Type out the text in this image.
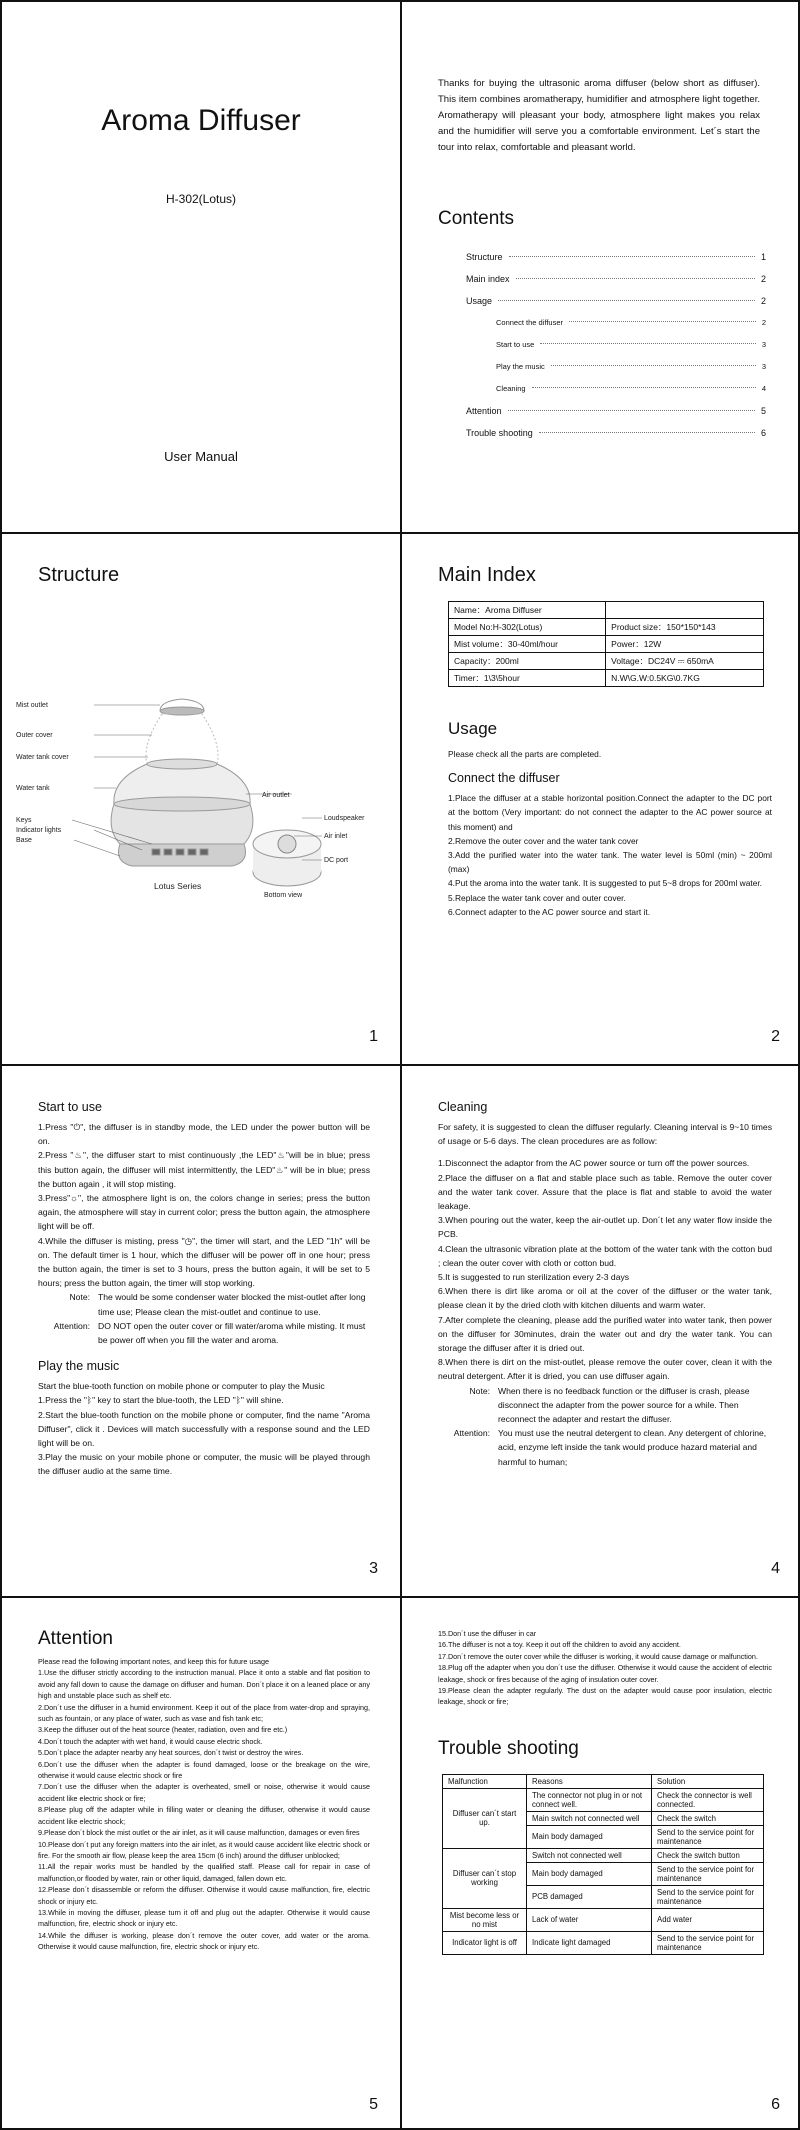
Aroma Diffuser
H-302(Lotus)
User Manual
Thanks for buying the ultrasonic aroma diffuser (below short as diffuser). This item combines aromatherapy, humidifier and atmosphere light together. Aromatherapy will pleasant your body, atmosphere light makes you relax and the humidifier will serve you a comfortable environment. Let´s start the tour into relax, comfortable and pleasant world.
Contents
Structure	1
Main index	2
Usage	2
Connect the diffuser	2
Start to use	3
Play the music	3
Cleaning	4
Attention	5
Trouble shooting	6
Structure
Mist outlet
Outer cover
Water tank cover
Water tank
Keys
Indicator lights
Base
Air outlet
Loudspeaker
Air inlet
DC port
Lotus Series
Bottom view
1
Main Index
Name：Aroma Diffuser	
Model No:H-302(Lotus)	Product size：150*150*143
Mist volume：30-40ml/hour	Power：12W
Capacity：200ml	Voltage：DC24V ⎓ 650mA
Timer：1\3\5hour	N.W\G.W:0.5KG\0.7KG
Usage
Please check all the parts are completed.
Connect the diffuser

1.Place the diffuser at a stable horizontal position.Connect the adapter to the DC port at the bottom (Very important: do not connect the adapter to the AC power source at this moment) and

2.Remove the outer cover and the water tank cover

3.Add the purified water into the water tank. The water level is 50ml (min) ~ 200ml (max)

4.Put the aroma into the water tank. It is suggested to put 5~8 drops for 200ml water.

5.Replace the water tank cover and outer cover.

6.Connect adapter to the AC power source and start it.

2
Start to use

1.Press "⏻", the diffuser is in standby mode, the LED under the power button will be on.

2.Press "♨", the diffuser start to mist continuously ,the LED"♨"will be in blue; press this button again, the diffuser will mist intermittently, the LED"♨" will be in blue; press the button again , it will stop misting.

3.Press"☼", the atmosphere light is on, the colors change in series; press the button again, the atmosphere will stay in current color; press the button again, the atmosphere light will be off.

4.While the diffuser is misting, press "◷", the timer will start, and the LED "1h" will be on. The default timer is 1 hour, which the diffuser will be power off in one hour; press the button again, the timer is set to 3 hours, press the button again, it will be set to 5 hours; press the button again, the timer will stop working.

Note: The would be some condenser water blocked the mist-outlet after long time use; Please clean the mist-outlet and continue to use.
Attention: DO NOT open the outer cover or fill water/aroma while misting. It must be power off when you fill the water and aroma.
Play the music
Start the blue-tooth function on mobile phone or computer to play the Music

1.Press the "ᛒ" key to start the blue-tooth, the LED "ᛒ" will shine.

2.Start the blue-tooth function on the mobile phone or computer, find the name "Aroma Diffuser", click it . Devices will match successfully with a response sound and the LED light will be on.

3.Play the music on your mobile phone or computer, the music will be played through the diffuser audio at the same time.

3
Cleaning
For safety, it is suggested to clean the diffuser regularly. Cleaning interval is 9~10 times of usage or 5-6 days. The clean procedures are as follow:

1.Disconnect the adaptor from the AC power source or turn off the power sources.

2.Place the diffuser on a flat and stable place such as table. Remove the outer cover and the water tank cover. Assure that the place is flat and stable to avoid the water leakage.

3.When pouring out the water, keep the air-outlet up. Don´t let any water flow inside the PCB.

4.Clean the ultrasonic vibration plate at the bottom of the water tank with the cotton bud ; clean the outer cover with cloth or cotton bud.

5.It is suggested to run sterilization every 2-3 days

6.When there is dirt like aroma or oil at the cover of the diffuser or the water tank, please clean it by the dried cloth with kitchen diluents and warm water.

7.After complete the cleaning, please add the purified water into water tank, then power on the diffuser for 30minutes, drain the water out and dry the water tank. You can storage the diffuser after it is dried out.

8.When there is dirt on the mist-outlet, please remove the outer cover, clean it with the neutral detergent. After it is dried, you can use diffuser again.

Note: When there is no feedback function or the diffuser is crash, please disconnect the adapter from the power source for a while. Then reconnect the adapter and restart the diffuser.
Attention: You must use the neutral detergent to clean. Any detergent of chlorine, acid, enzyme left inside the tank would produce hazard material and harmful to human;
4
Attention
Please read the following important notes, and keep this for future usage

1.Use the diffuser strictly according to the instruction manual. Place it onto a stable and flat position to avoid any fall down to cause the damage on diffuser and human. Don´t place it on a leaned place or any high and unstable place such as shelf etc.

2.Don´t use the diffuser in a humid environment. Keep it out of the place from water-drop and spraying, such as fountain, or any place of water, such as vase and fish tank etc;

3.Keep the diffuser out of the heat source (heater, radiation, oven and fire etc.)

4.Don´t touch the adapter with wet hand, it would cause electric shock.

5.Don´t place the adapter nearby any heat sources, don´t twist or destroy the wires.

6.Don´t use the diffuser when the adapter is found damaged, loose or the breakage on the wire, otherwise it would cause electric shock or fire

7.Don´t use the diffuser when the adapter is overheated, smell or noise, otherwise it would cause accident like electric shock or fire;

8.Please plug off the adapter while in filling water or cleaning the diffuser, otherwise it would cause accident like electric shock;

9.Please don´t block the mist outlet or the air inlet, as it will cause malfunction, damages or even fires

10.Please don´t put any foreign matters into the air inlet, as it would cause accident like electric shock or fire. For the smooth air flow, please keep the area 15cm (6 inch) around the diffuser unblocked;

11.All the repair works must be handled by the qualified staff. Please call for repair in case of malfunction,or flooded by water, rain or other liquid, damaged, fallen down etc.

12.Please don´t disassemble or reform the diffuser. Otherwise it would cause malfunction, fire, electric shock or injury etc.

13.While in moving the diffuser, please turn it off and plug out the adapter. Otherwise it would cause malfunction, fire, electric shock or injury etc.

14.While the diffuser is working, please don´t remove the outer cover, add water or the aroma. Otherwise it would cause malfunction, fire, electric shock or injury etc.

5

15.Don´t use the diffuser in car

16.The diffuser is not a toy. Keep it out off the children to avoid any accident.

17.Don´t remove the outer cover while the diffuser is working, it would cause damage or malfunction.

18.Plug off the adapter when you don´t use the diffuser. Otherwise it would cause the accident of electric leakage, shock or fires because of the aging of insulation outer cover.

19.Please clean the adapter regularly. The dust on the adapter would cause poor insulation, electric leakage, shock or fire;

Trouble shooting
Malfunction	Reasons	Solution
Diffuser can´t start up.	The connector not plug in or not connect well.	Check the connector is well connected.
	Main switch not connected well	Check the switch
	Main body damaged	Send to the service point for maintenance
Diffuser can´t stop working	Switch not connected well	Check the switch button
	Main body damaged	Send to the service point for maintenance
	PCB damaged	Send to the service point for maintenance
Mist become less or no mist	Lack of water	Add water
Indicator light is off	Indicate light damaged	Send to the service point for maintenance
6
